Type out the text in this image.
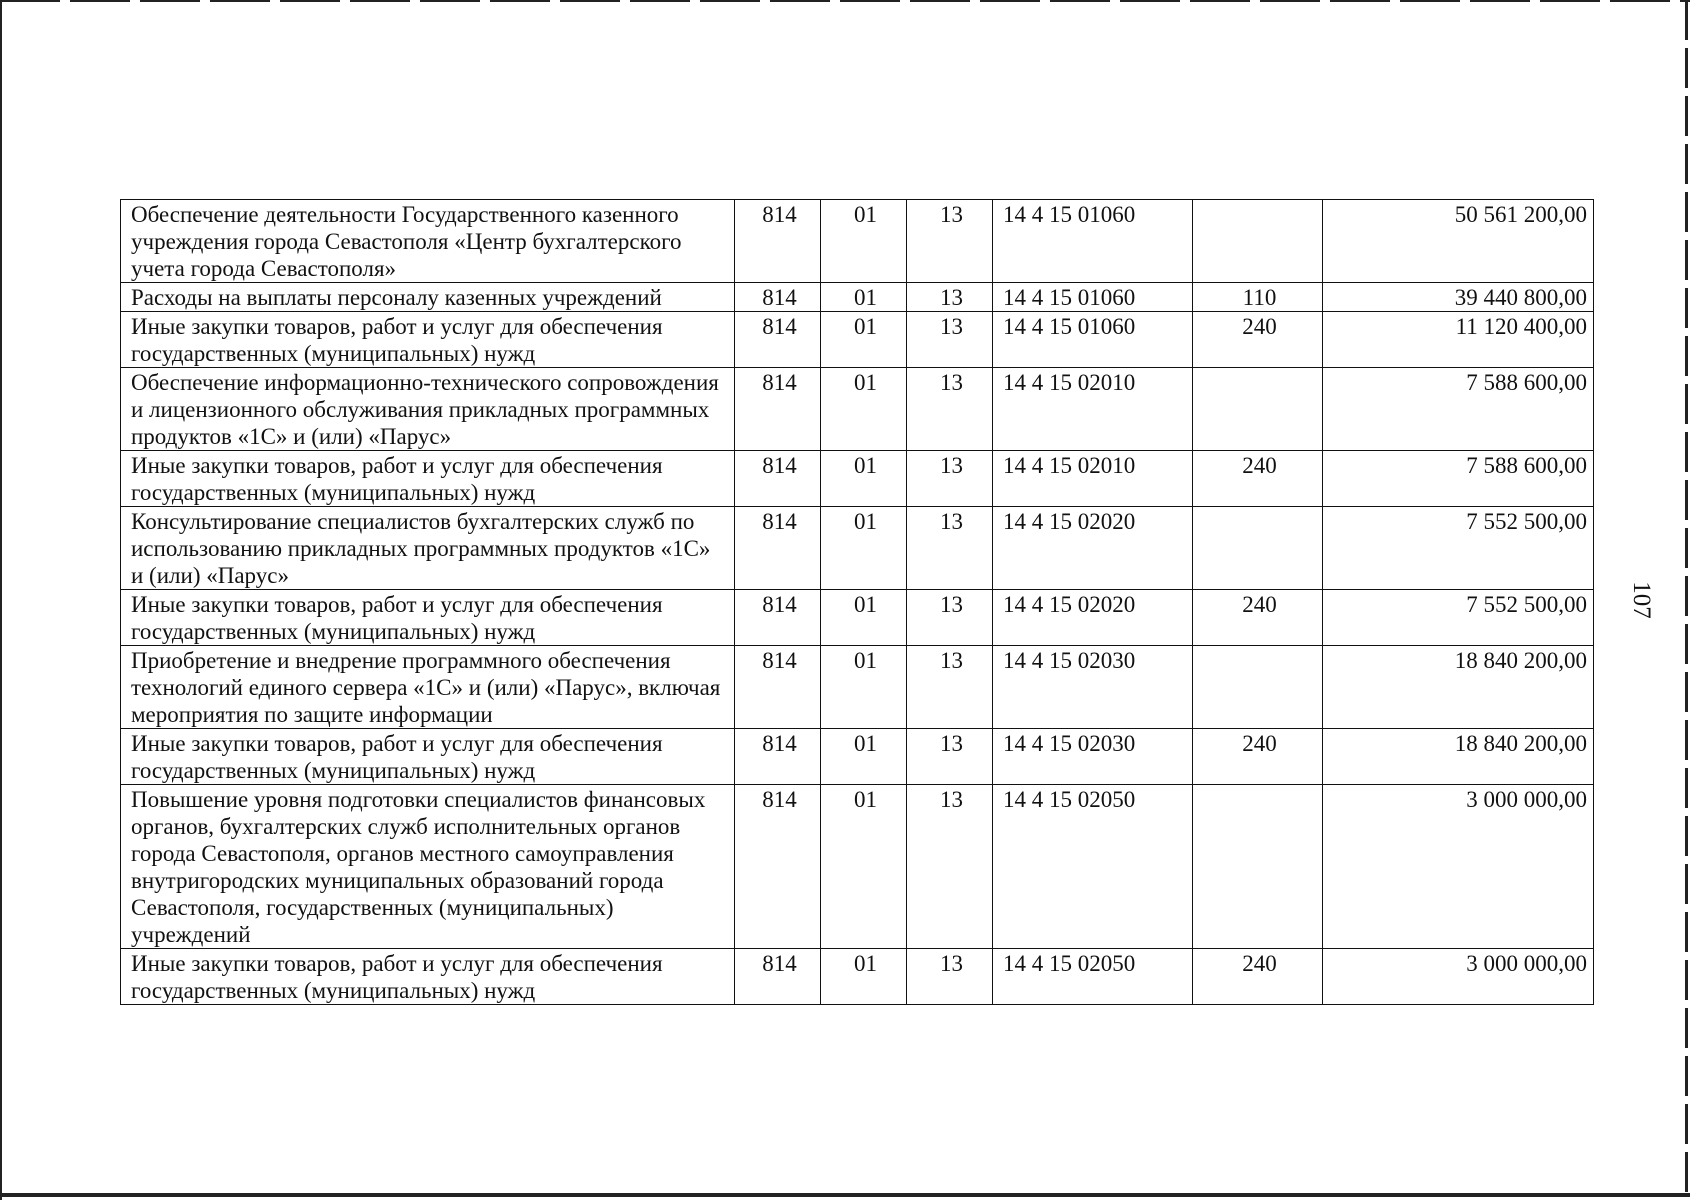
Обеспечение деятельности Государственного казенного учреждения города Севастополя «Центр бухгалтерского учета города Севастополя»	814	01	13	14 4 15 01060		50 561 200,00
Расходы на выплаты персоналу казенных учреждений	814	01	13	14 4 15 01060	110	39 440 800,00
Иные закупки товаров, работ и услуг для обеспечения государственных (муниципальных) нужд	814	01	13	14 4 15 01060	240	11 120 400,00
Обеспечение информационно-технического сопровождения и лицензионного обслуживания прикладных программных продуктов «1С» и (или) «Парус»	814	01	13	14 4 15 02010		7 588 600,00
Иные закупки товаров, работ и услуг для обеспечения государственных (муниципальных) нужд	814	01	13	14 4 15 02010	240	7 588 600,00
Консультирование специалистов бухгалтерских служб по использованию прикладных программных продуктов «1С» и (или) «Парус»	814	01	13	14 4 15 02020		7 552 500,00
Иные закупки товаров, работ и услуг для обеспечения государственных (муниципальных) нужд	814	01	13	14 4 15 02020	240	7 552 500,00
Приобретение и внедрение программного обеспечения технологий единого сервера «1С» и (или) «Парус», включая мероприятия по защите информации	814	01	13	14 4 15 02030		18 840 200,00
Иные закупки товаров, работ и услуг для обеспечения государственных (муниципальных) нужд	814	01	13	14 4 15 02030	240	18 840 200,00
Повышение уровня подготовки специалистов финансовых органов, бухгалтерских служб исполнительных органов города Севастополя, органов местного самоуправления внутригородских муниципальных образований города Севастополя, государственных (муниципальных) учреждений	814	01	13	14 4 15 02050		3 000 000,00
Иные закупки товаров, работ и услуг для обеспечения государственных (муниципальных) нужд	814	01	13	14 4 15 02050	240	3 000 000,00
107
